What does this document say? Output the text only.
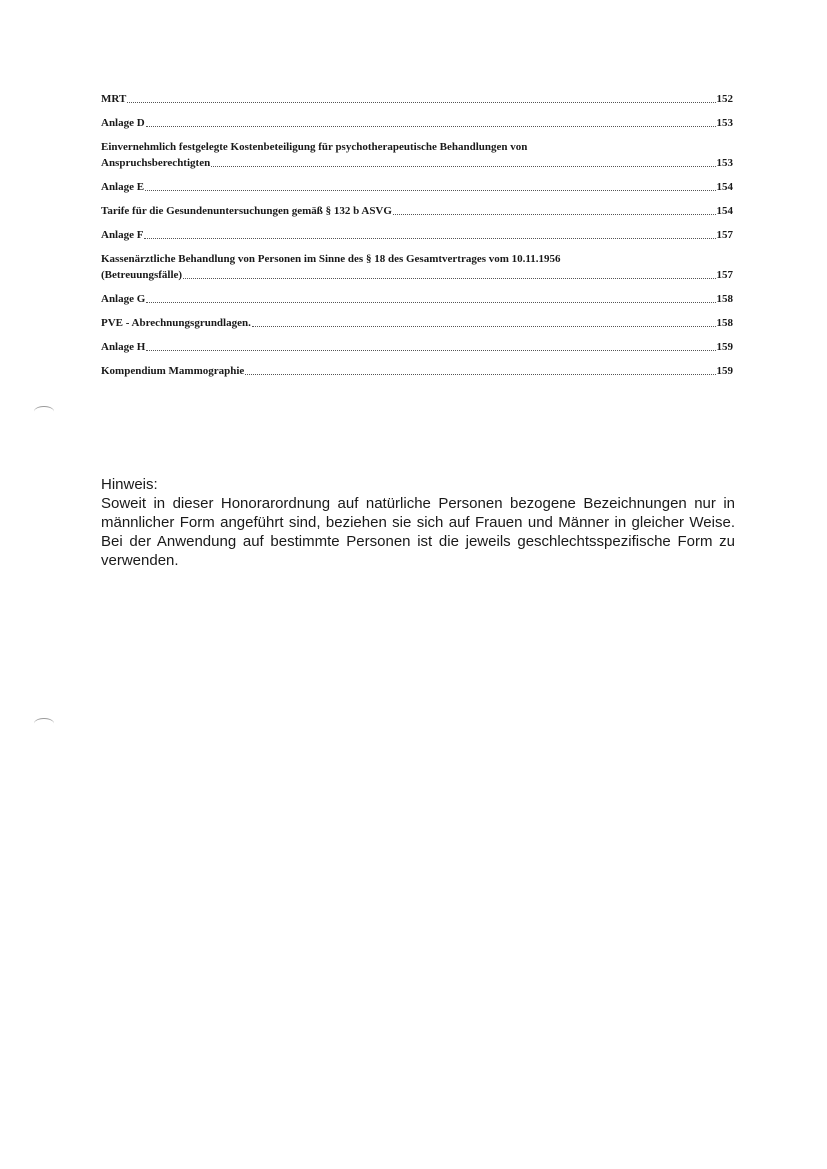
MRT	152
Anlage D	153
Einvernehmlich festgelegte Kostenbeteiligung für psychotherapeutische Behandlungen von
Anspruchsberechtigten	153
Anlage E	154
Tarife für die Gesundenuntersuchungen gemäß § 132 b ASVG	154
Anlage F	157
Kassenärztliche Behandlung von Personen im Sinne des § 18 des Gesamtvertrages vom 10.11.1956
(Betreuungsfälle)	157
Anlage G	158
PVE - Abrechnungsgrundlagen.	158
Anlage H	159
Kompendium Mammographie	159
Hinweis:
Soweit in dieser Honorarordnung auf natürliche Personen bezogene Bezeichnungen nur in männlicher Form angeführt sind, beziehen sie sich auf Frauen und Männer in gleicher Weise. Bei der Anwendung auf bestimmte Personen ist die jeweils geschlechtsspezifische Form zu verwenden.
